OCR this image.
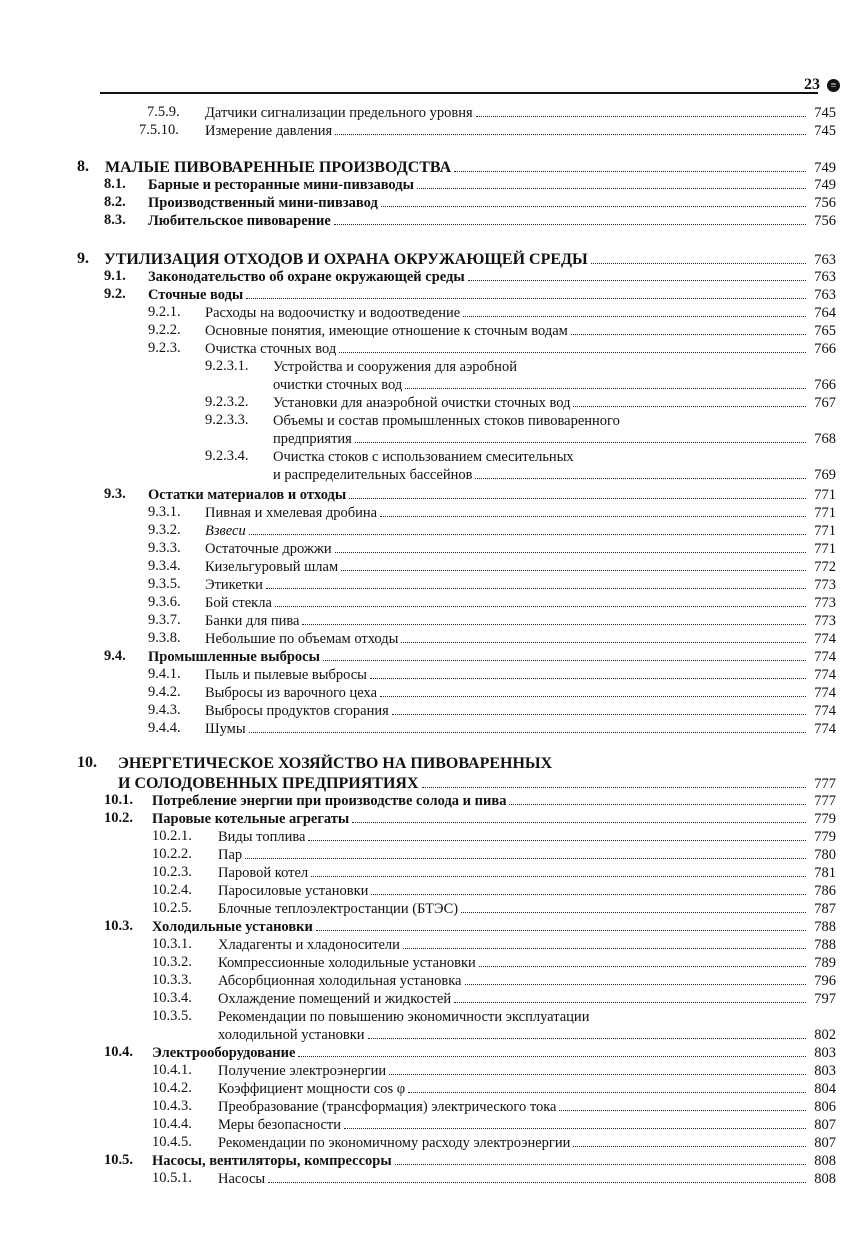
23	≡
7.5.9. Датчики сигнализации предельного уровня	745
7.5.10. Измерение давления	745
8. МАЛЫЕ ПИВОВАРЕННЫЕ ПРОИЗВОДСТВА	749
8.1. Барные и ресторанные мини-пивзаводы	749
8.2. Производственный мини-пивзавод	756
8.3. Любительское пивоварение	756
9. УТИЛИЗАЦИЯ ОТХОДОВ И ОХРАНА ОКРУЖАЮЩЕЙ СРЕДЫ	763
9.1. Законодательство об охране окружающей среды	763
9.2. Сточные воды	763
9.2.1. Расходы на водоочистку и водоотведение	764
9.2.2. Основные понятия, имеющие отношение к сточным водам	765
9.2.3. Очистка сточных вод	766
9.2.3.1. Устройства и сооружения для аэробной
очистки сточных вод	766
9.2.3.2. Установки для анаэробной очистки сточных вод	767
9.2.3.3. Объемы и состав промышленных стоков пивоваренного
предприятия	768
9.2.3.4. Очистка стоков с использованием смесительных
и распределительных бассейнов	769
9.3. Остатки материалов и отходы	771
9.3.1. Пивная и хмелевая дробина	771
9.3.2. Взвеси	771
9.3.3. Остаточные дрожжи	771
9.3.4. Кизельгуровый шлам	772
9.3.5. Этикетки	773
9.3.6. Бой стекла	773
9.3.7. Банки для пива	773
9.3.8. Небольшие по объемам отходы	774
9.4. Промышленные выбросы	774
9.4.1. Пыль и пылевые выбросы	774
9.4.2. Выбросы из варочного цеха	774
9.4.3. Выбросы продуктов сгорания	774
9.4.4. Шумы	774
10. ЭНЕРГЕТИЧЕСКОЕ ХОЗЯЙСТВО НА ПИВОВАРЕННЫХ
И СОЛОДОВЕННЫХ ПРЕДПРИЯТИЯХ	777
10.1. Потребление энергии при производстве солода и пива	777
10.2. Паровые котельные агрегаты	779
10.2.1. Виды топлива	779
10.2.2. Пар	780
10.2.3. Паровой котел	781
10.2.4. Паросиловые установки	786
10.2.5. Блочные теплоэлектростанции (БТЭС)	787
10.3. Холодильные установки	788
10.3.1. Хладагенты и хладоносители	788
10.3.2. Компрессионные холодильные установки	789
10.3.3. Абсорбционная холодильная установка	796
10.3.4. Охлаждение помещений и жидкостей	797
10.3.5. Рекомендации по повышению экономичности эксплуатации
холодильной установки	802
10.4. Электрооборудование	803
10.4.1. Получение электроэнергии	803
10.4.2. Коэффициент мощности cos φ	804
10.4.3. Преобразование (трансформация) электрического тока	806
10.4.4. Меры безопасности	807
10.4.5. Рекомендации по экономичному расходу электроэнергии	807
10.5. Насосы, вентиляторы, компрессоры	808
10.5.1. Насосы	808
